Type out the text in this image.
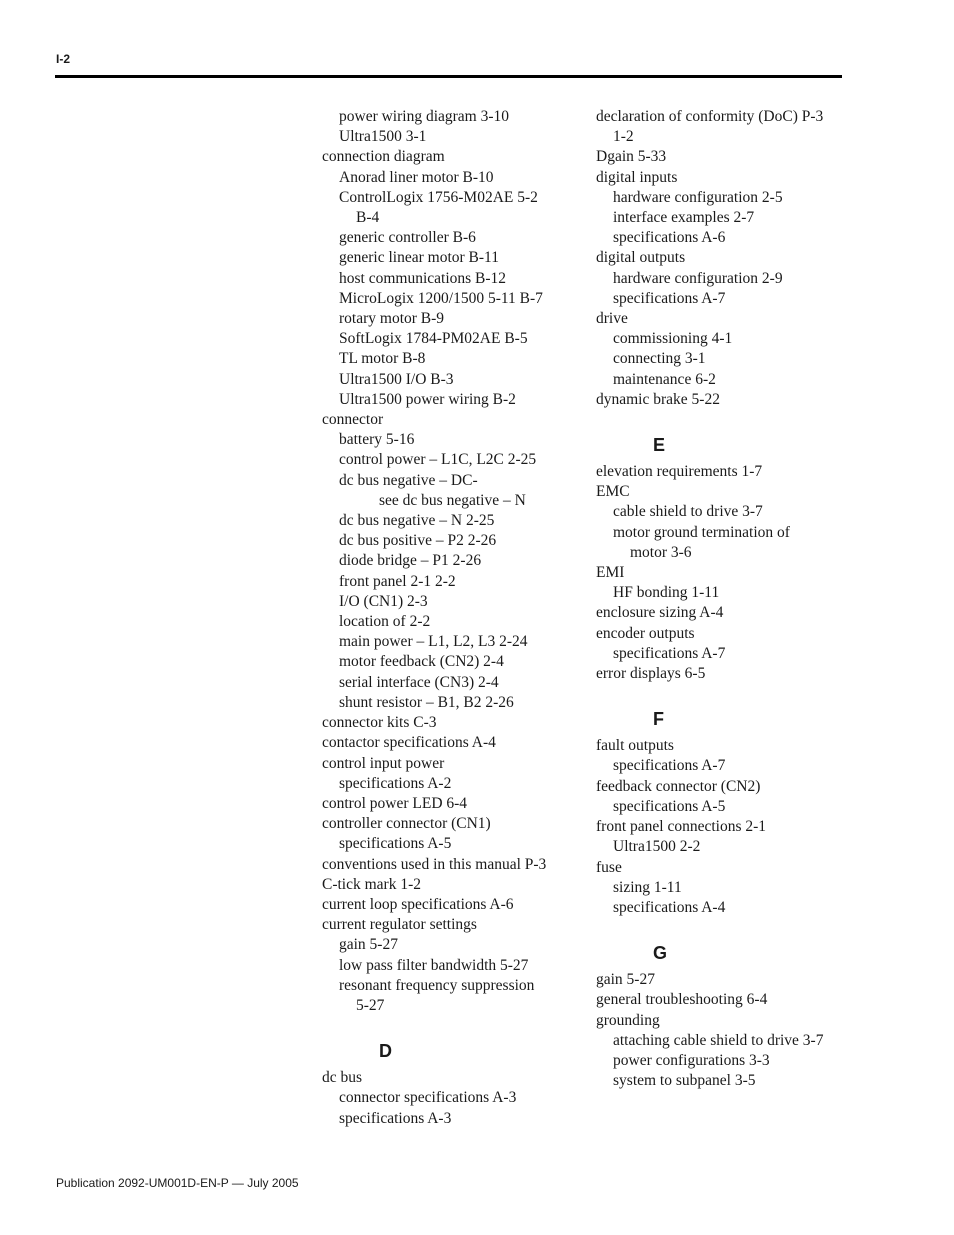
I-2
power wiring diagram 3-10
Ultra1500 3-1
connection diagram
Anorad liner motor B-10
ControlLogix 1756-M02AE 5-2
B-4
generic controller B-6
generic linear motor B-11
host communications B-12
MicroLogix 1200/1500 5-11 B-7
rotary motor B-9
SoftLogix 1784-PM02AE B-5
TL motor B-8
Ultra1500 I/O B-3
Ultra1500 power wiring B-2
connector
battery 5-16
control power – L1C, L2C 2-25
dc bus negative – DC-
see dc bus negative – N
dc bus negative – N 2-25
dc bus positive – P2 2-26
diode bridge – P1 2-26
front panel 2-1 2-2
I/O (CN1) 2-3
location of 2-2
main power – L1, L2, L3 2-24
motor feedback (CN2) 2-4
serial interface (CN3) 2-4
shunt resistor – B1, B2 2-26
connector kits C-3
contactor specifications A-4
control input power
specifications A-2
control power LED 6-4
controller connector (CN1)
specifications A-5
conventions used in this manual P-3
C-tick mark 1-2
current loop specifications A-6
current regulator settings
gain 5-27
low pass filter bandwidth 5-27
resonant frequency suppression
5-27
D
dc bus
connector specifications A-3
specifications A-3
declaration of conformity (DoC) P-3
1-2
Dgain 5-33
digital inputs
hardware configuration 2-5
interface examples 2-7
specifications A-6
digital outputs
hardware configuration 2-9
specifications A-7
drive
commissioning 4-1
connecting 3-1
maintenance 6-2
dynamic brake 5-22
E
elevation requirements 1-7
EMC
cable shield to drive 3-7
motor ground termination of
motor 3-6
EMI
HF bonding 1-11
enclosure sizing A-4
encoder outputs
specifications A-7
error displays 6-5
F
fault outputs
specifications A-7
feedback connector (CN2)
specifications A-5
front panel connections 2-1
Ultra1500 2-2
fuse
sizing 1-11
specifications A-4
G
gain 5-27
general troubleshooting 6-4
grounding
attaching cable shield to drive 3-7
power configurations 3-3
system to subpanel 3-5
Publication 2092-UM001D-EN-P — July 2005
